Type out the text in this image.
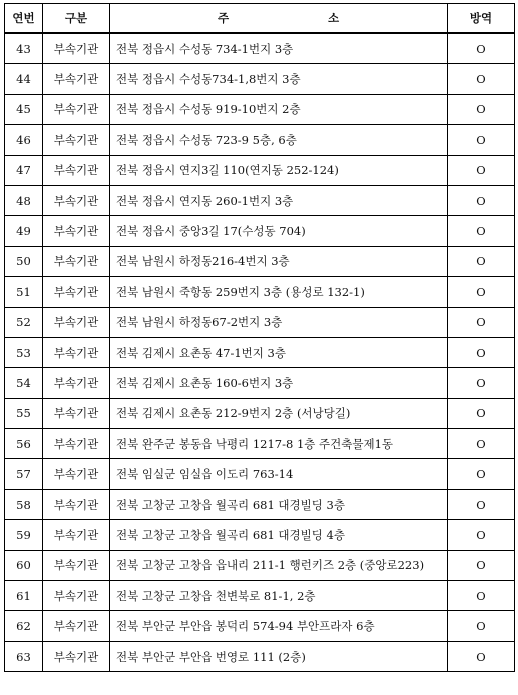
연번	구분	주 소	방역
43	부속기관	전북 정읍시 수성동 734-1번지 3층	O
44	부속기관	전북 정읍시 수성동734-1,8번지 3층	O
45	부속기관	전북 정읍시 수성동 919-10번지 2층	O
46	부속기관	전북 정읍시 수성동 723-9 5층, 6층	O
47	부속기관	전북 정읍시 연지3길 110(연지동 252-124)	O
48	부속기관	전북 정읍시 연지동 260-1번지 3층	O
49	부속기관	전북 정읍시 중앙3길 17(수성동 704)	O
50	부속기관	전북 남원시 하정동216-4번지 3층	O
51	부속기관	전북 남원시 죽항동 259번지 3층 (용성로 132-1)	O
52	부속기관	전북 남원시 하정동67-2번지 3층	O
53	부속기관	전북 김제시 요촌동 47-1번지 3층	O
54	부속기관	전북 김제시 요촌동 160-6번지 3층	O
55	부속기관	전북 김제시 요촌동 212-9번지 2층 (서낭당길)	O
56	부속기관	전북 완주군 봉동읍 낙평리 1217-8 1층 주건축물제1동	O
57	부속기관	전북 임실군 임실읍 이도리 763-14	O
58	부속기관	전북 고창군 고창읍 월곡리 681 대경빌딩 3층	O
59	부속기관	전북 고창군 고창읍 월곡리 681 대경빌딩 4층	O
60	부속기관	전북 고창군 고창읍 읍내리 211-1 행런키즈 2층 (중앙로223)	O
61	부속기관	전북 고창군 고창읍 천변북로 81-1, 2층	O
62	부속기관	전북 부안군 부안읍 봉덕리 574-94 부안프라자 6층	O
63	부속기관	전북 부안군 부안읍 번영로 111 (2층)	O
